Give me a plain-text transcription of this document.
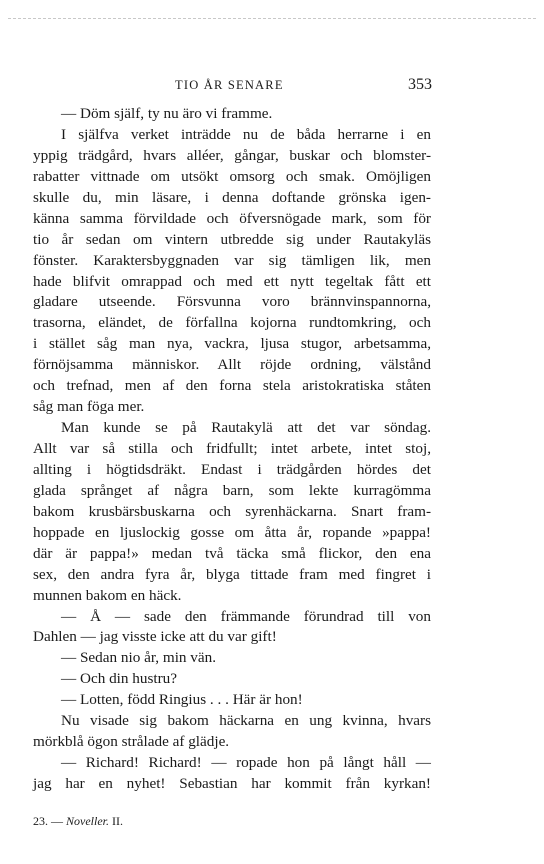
TIO ÅR SENARE	353
— Döm själf, ty nu äro vi framme.
I själfva verket inträdde nu de båda herrarne i en
yppig trädgård, hvars alléer, gångar, buskar och blomster-
rabatter vittnade om utsökt omsorg och smak. Omöjligen
skulle du, min läsare, i denna doftande grönska igen-
känna samma förvildade och öfversnögade mark, som för
tio år sedan om vintern utbredde sig under Rautakyläs
fönster. Karaktersbyggnaden var sig tämligen lik, men
hade blifvit omrappad och med ett nytt tegeltak fått ett
gladare utseende. Försvunna voro brännvinspannorna,
trasorna, eländet, de förfallna kojorna rundtomkring, och
i stället såg man nya, vackra, ljusa stugor, arbetsamma,
förnöjsamma människor. Allt röjde ordning, välstånd
och trefnad, men af den forna stela aristokratiska ståten
såg man föga mer.
Man kunde se på Rautakylä att det var söndag.
Allt var så stilla och fridfullt; intet arbete, intet stoj,
allting i högtidsdräkt. Endast i trädgården hördes det
glada språnget af några barn, som lekte kurragömma
bakom krusbärsbuskarna och syrenhäckarna. Snart fram-
hoppade en ljuslockig gosse om åtta år, ropande »pappa!
där är pappa!» medan två täcka små flickor, den ena
sex, den andra fyra år, blyga tittade fram med fingret i
munnen bakom en häck.
— Å — sade den främmande förundrad till von
Dahlen — jag visste icke att du var gift!
— Sedan nio år, min vän.
— Och din hustru?
— Lotten, född Ringius . . . Här är hon!
Nu visade sig bakom häckarna en ung kvinna, hvars
mörkblå ögon strålade af glädje.
— Richard! Richard! — ropade hon på långt håll —
jag har en nyhet! Sebastian har kommit från kyrkan!
23. — Noveller. II.
